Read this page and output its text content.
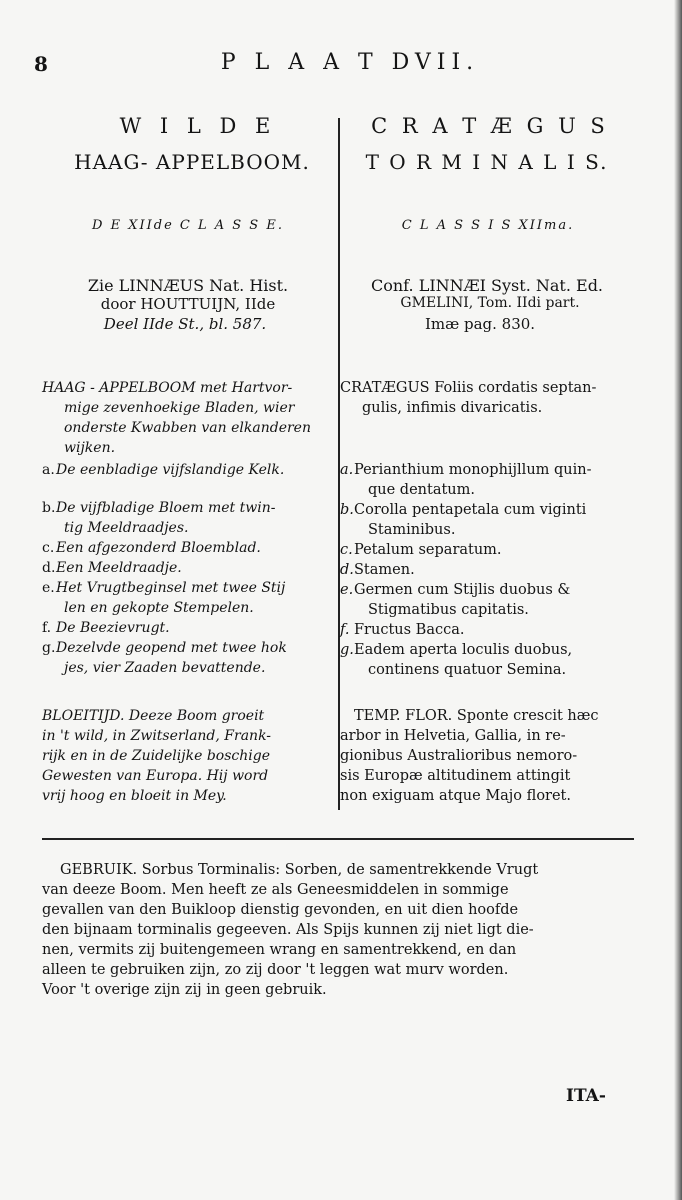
8	P L A A T DVII.
W I L D E
HAAG- APPELBOOM.
C R A T Æ G U S
T O R M I N A L I S.
D E XIIde C L A S S E.	C L A S S I S XIIma.
Zie LINNÆUS Nat. Hist.
door HOUTTUIJN, IIde
Deel IIde St., bl. 587.
Conf. LINNÆI Syst. Nat. Ed.
GMELINI, Tom. IIdi part.
Imæ pag. 830.
HAAG - APPELBOOM met Hartvor-
mige zevenhoekige Bladen, wier
onderste Kwabben van elkanderen
wijken.
CRATÆGUS Foliis cordatis septan-
gulis, infimis divaricatis.
a. De eenbladige vijfslandige Kelk.
b. De vijfbladige Bloem met twin-
tig Meeldraadjes.
c. Een afgezonderd Bloemblad.
d. Een Meeldraadje.
e. Het Vrugtbeginsel met twee Stij
len en gekopte Stempelen.
f. De Beezievrugt.
g. Dezelvde geopend met twee hok
jes, vier Zaaden bevattende.
a. Perianthium monophijllum quin-
que dentatum.
b. Corolla pentapetala cum viginti
Staminibus.
c. Petalum separatum.
d. Stamen.
e. Germen cum Stijlis duobus &
Stigmatibus capitatis.
f. Fructus Bacca.
g. Eadem aperta loculis duobus,
continens quatuor Semina.
BLOEITIJD. Deeze Boom groeit
in 't wild, in Zwitserland, Frank-
rijk en in de Zuidelijke boschige
Gewesten van Europa. Hij word
vrij hoog en bloeit in Mey.
TEMP. FLOR. Sponte crescit hæc
arbor in Helvetia, Gallia, in re-
gionibus Australioribus nemoro-
sis Europæ altitudinem attingit
non exiguam atque Majo floret.
GEBRUIK. Sorbus Torminalis: Sorben, de samentrekkende Vrugt
van deeze Boom. Men heeft ze als Geneesmiddelen in sommige
gevallen van den Buikloop dienstig gevonden, en uit dien hoofde
den bijnaam torminalis gegeeven. Als Spijs kunnen zij niet ligt die-
nen, vermits zij buitengemeen wrang en samentrekkend, en dan
alleen te gebruiken zijn, zo zij door 't leggen wat murv worden.
Voor 't overige zijn zij in geen gebruik.
ITA-
